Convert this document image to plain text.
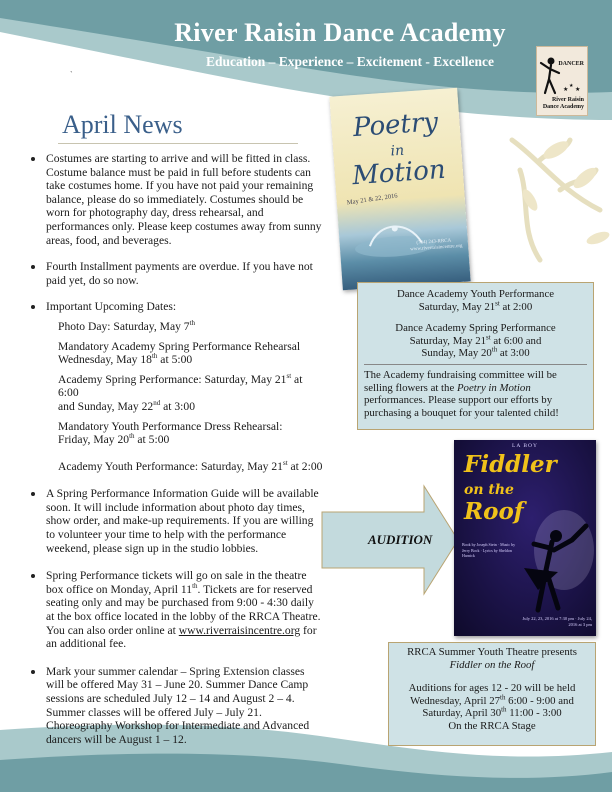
River Raisin Dance Academy
Education – Experience – Excitement - Excellence
`
★
★
★
DANCER
River Raisin
Dance Academy
April News
Costumes are starting to arrive and will be fitted in class. Costume balance must be paid in full before students can take costumes home. If you have not paid your remaining balance, please do so immediately. Costumes should be worn for photography day, dress rehearsal, and performances only. Please keep costumes away from sunny areas, food, and beverages.
Fourth Installment payments are overdue. If you have not paid yet, do so now.
Important Upcoming Dates:
Photo Day: Saturday, May 7th
Mandatory Academy Spring Performance Rehearsal
Wednesday, May 18th at 5:00
Academy Spring Performance: Saturday, May 21st at 6:00
and Sunday, May 22nd at 3:00
Mandatory Youth Performance Dress Rehearsal:
Friday, May 20th at 5:00
Academy Youth Performance: Saturday, May 21st at 2:00
A Spring Performance Information Guide will be available soon. It will include information about photo day times, show order, and make-up requirements. If you are willing to volunteer your time to help with the performance weekend, please sign up in the studio lobbies.
Spring Performance tickets will go on sale in the theatre box office on Monday, April 11th. Tickets are for reserved seating only and may be purchased from 9:00 - 4:30 daily at the box office located in the lobby of the RRCA Theatre. You can also order online at www.riverraisincentre.org for an additional fee.
Mark your summer calendar – Spring Extension classes will be offered May 31 – June 20. Summer Dance Camp sessions are scheduled July 12 – 14 and August 2 – 4. Summer classes will be offered July – July 21. Choreography Workshop for Intermediate and Advanced dancers will be August 1 – 12.
Poetry
in
Motion
May 21 & 22, 2016
(734) 243-RRCA www.riverraisincentre.org
Dance Academy Youth Performance
Saturday, May 21st at 2:00
Dance Academy Spring Performance
Saturday, May 21st at 6:00 and
Sunday, May 20th at 3:00
The Academy fundraising committee will be selling flowers at the Poetry in Motion performances. Please support our efforts by purchasing a bouquet for your talented child!
AUDITION
LA BOY
Fiddler
on the
Roof
Book by Joseph Stein · Music by Jerry Bock · Lyrics by Sheldon Harnick
July 22, 23, 2016 at 7:30 pm · July 24, 2016 at 3 pm
RRCA Summer Youth Theatre presents
Fiddler on the Roof
Auditions for ages 12 - 20 will be held
Wednesday, April 27th 6:00 - 9:00 and
Saturday, April 30th 11:00 - 3:00
On the RRCA Stage
